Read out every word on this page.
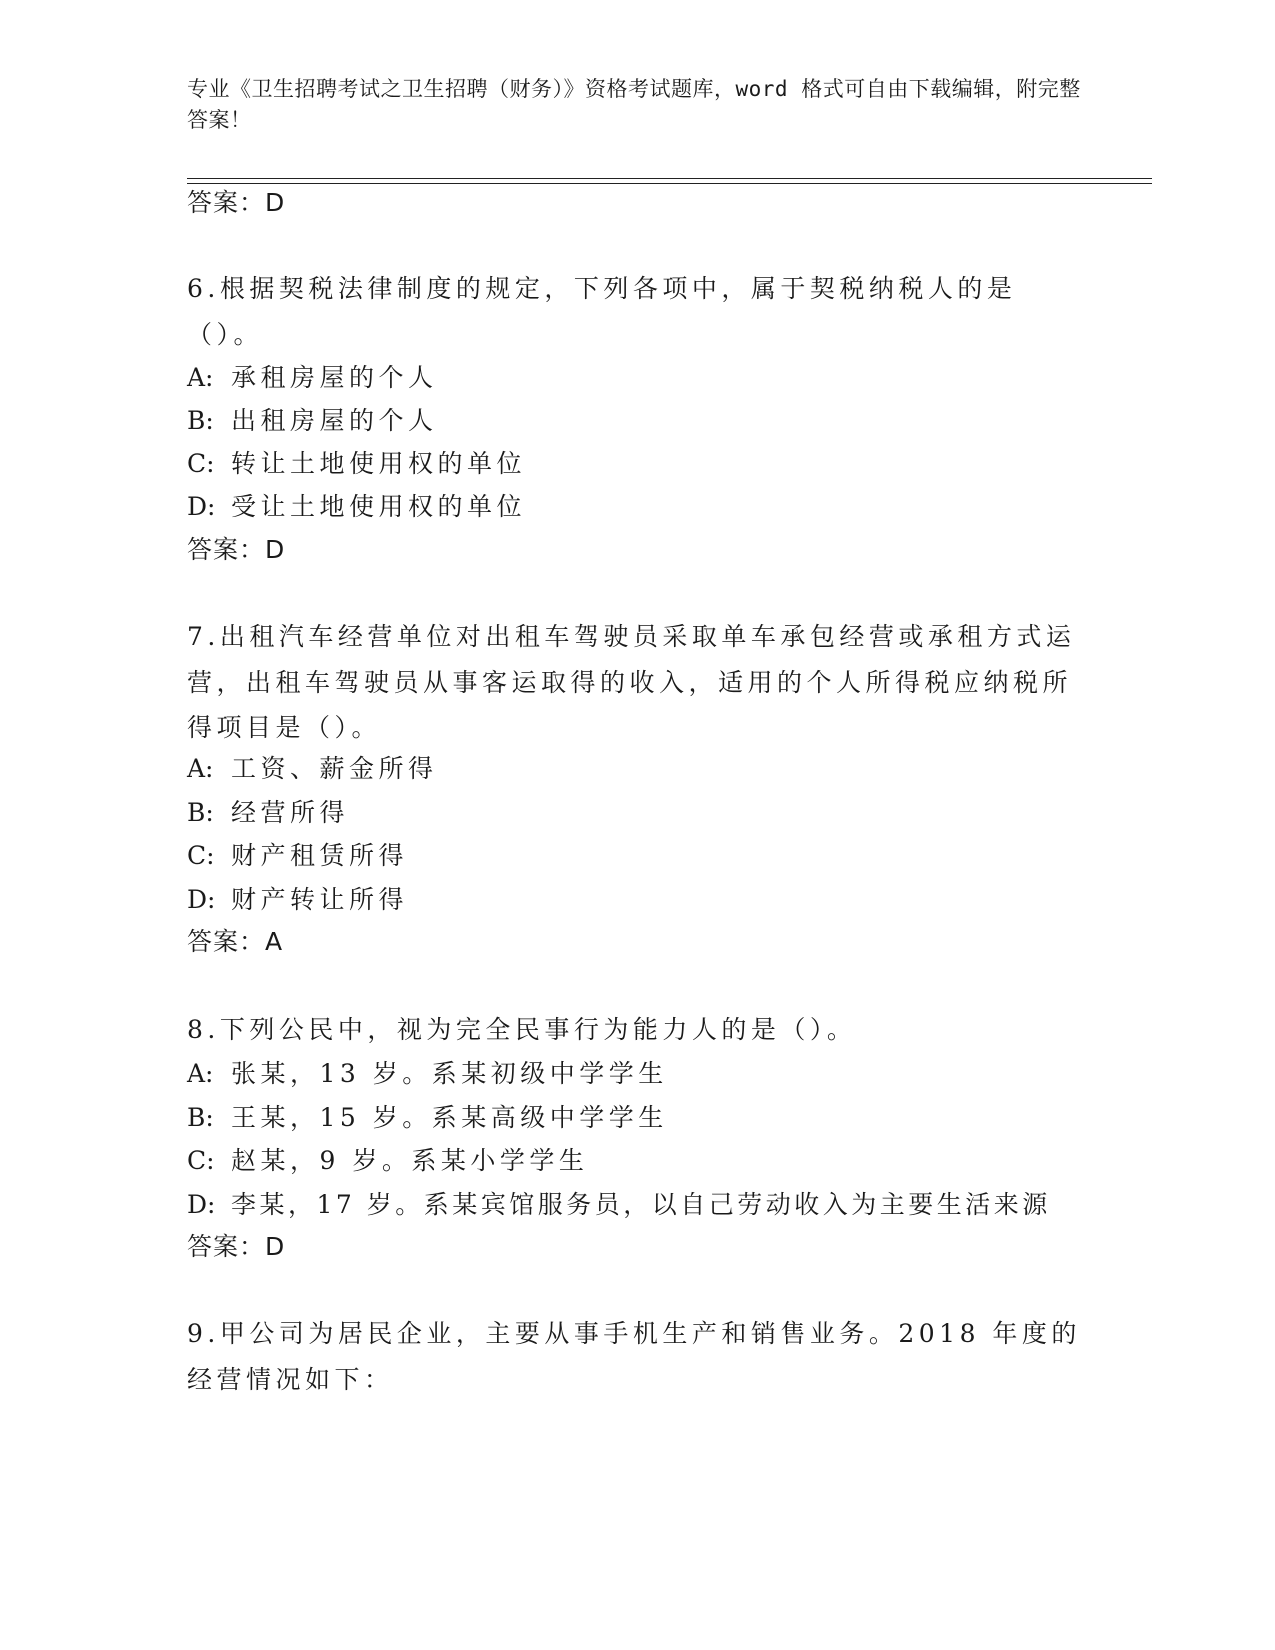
专业《卫生招聘考试之卫生招聘（财务）》资格考试题库，word 格式可自由下载编辑，附完整答案！
答案：D
6.根据契税法律制度的规定，下列各项中，属于契税纳税人的是（）。
A: 承租房屋的个人
B: 出租房屋的个人
C: 转让土地使用权的单位
D: 受让土地使用权的单位
答案：D
7.出租汽车经营单位对出租车驾驶员采取单车承包经营或承租方式运营，出租车驾驶员从事客运取得的收入，适用的个人所得税应纳税所得项目是（）。
A: 工资、薪金所得
B: 经营所得
C: 财产租赁所得
D: 财产转让所得
答案：A
8.下列公民中，视为完全民事行为能力人的是（）。
A: 张某，13 岁。系某初级中学学生
B: 王某，15 岁。系某高级中学学生
C: 赵某，9 岁。系某小学学生
D: 李某，17 岁。系某宾馆服务员，以自己劳动收入为主要生活来源
答案：D
9.甲公司为居民企业，主要从事手机生产和销售业务。2018 年度的经营情况如下：
